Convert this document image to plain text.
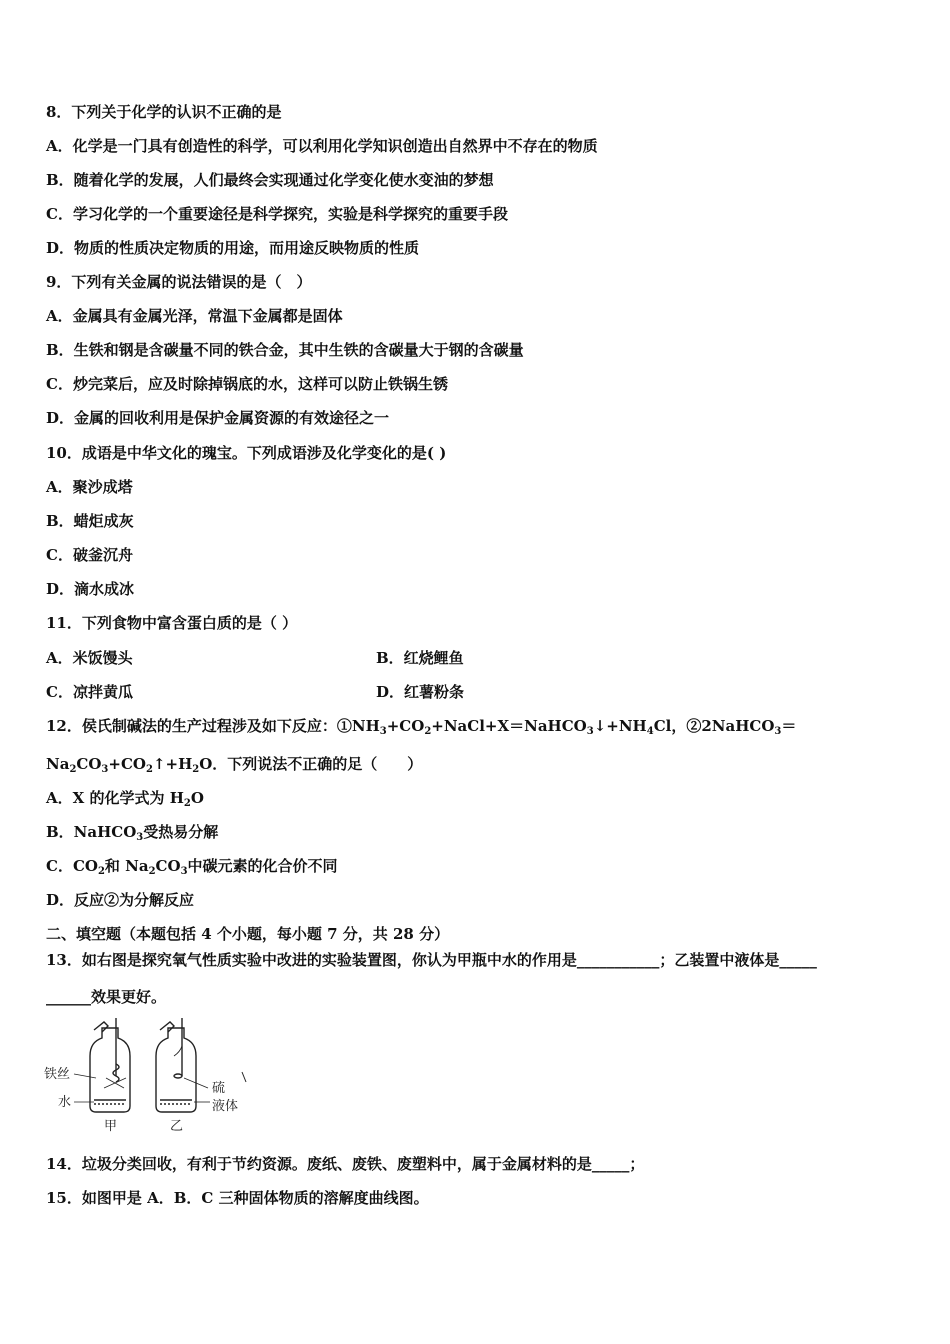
8．下列关于化学的认识不正确的是
A．化学是一门具有创造性的科学，可以利用化学知识创造出自然界中不存在的物质
B．随着化学的发展，人们最终会实现通过化学变化使水变油的梦想
C．学习化学的一个重要途径是科学探究，实验是科学探究的重要手段
D．物质的性质决定物质的用途，而用途反映物质的性质
9．下列有关金属的说法错误的是（　）
A．金属具有金属光泽，常温下金属都是固体
B．生铁和钢是含碳量不同的铁合金，其中生铁的含碳量大于钢的含碳量
C．炒完菜后，应及时除掉锅底的水，这样可以防止铁锅生锈
D．金属的回收利用是保护金属资源的有效途径之一
10．成语是中华文化的瑰宝。下列成语涉及化学变化的是( )
A．聚沙成塔
B．蜡炬成灰
C．破釜沉舟
D．滴水成冰
11．下列食物中富含蛋白质的是（ ）
A．米饭馒头	B．红烧鲤鱼
C．凉拌黄瓜	D．红薯粉条
12．侯氏制碱法的生产过程涉及如下反应：$①NH_3+CO_2+NaCl+X=NaHCO_3↓+NH_4Cl$，②2NaHCO$_3$＝
$Na_2CO_3+CO_2↑+H_2O$．下列说法不正确的足（　　）
A．X 的化学式为 $H_2O$
B．NaHCO$_3$受热易分解
C．$CO_2$和 $Na_2CO_3$中碳元素的化合价不同
D．反应②为分解反应
二、填空题（本题包括 4 个小题，每小题 7 分，共 28 分）
13．如右图是探究氧气性质实验中改进的实验装置图，你认为甲瓶中水的作用是___________；乙装置中液体是_____
______效果更好。
铁丝
水
甲
硫
液体
乙
14．垃圾分类回收，有利于节约资源。废纸、废铁、废塑料中，属于金属材料的是_____；
15．如图甲是 A．B．C 三种固体物质的溶解度曲线图。
